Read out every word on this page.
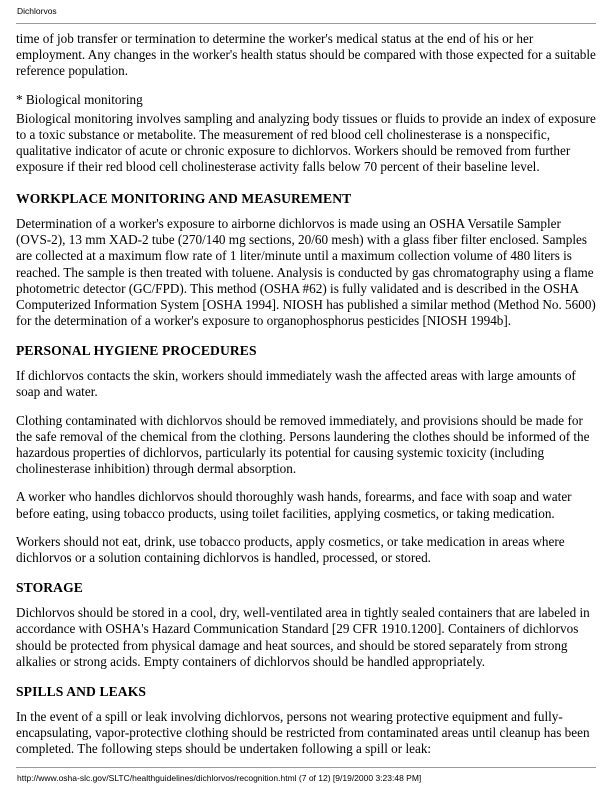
Dichlorvos

time of job transfer or termination to determine the worker's medical status at the end of his or her employment. Any changes in the worker's health status should be compared with those expected for a suitable reference population.

* Biological monitoring

Biological monitoring involves sampling and analyzing body tissues or fluids to provide an index of exposure to a toxic substance or metabolite. The measurement of red blood cell cholinesterase is a nonspecific, qualitative indicator of acute or chronic exposure to dichlorvos. Workers should be removed from further exposure if their red blood cell cholinesterase activity falls below 70 percent of their baseline level.

WORKPLACE MONITORING AND MEASUREMENT

Determination of a worker's exposure to airborne dichlorvos is made using an OSHA Versatile Sampler (OVS-2), 13 mm XAD-2 tube (270/140 mg sections, 20/60 mesh) with a glass fiber filter enclosed. Samples are collected at a maximum flow rate of 1 liter/minute until a maximum collection volume of 480 liters is reached. The sample is then treated with toluene. Analysis is conducted by gas chromatography using a flame photometric detector (GC/FPD). This method (OSHA #62) is fully validated and is described in the OSHA Computerized Information System [OSHA 1994]. NIOSH has published a similar method (Method No. 5600) for the determination of a worker's exposure to organophosphorus pesticides [NIOSH 1994b].

PERSONAL HYGIENE PROCEDURES

If dichlorvos contacts the skin, workers should immediately wash the affected areas with large amounts of soap and water.

Clothing contaminated with dichlorvos should be removed immediately, and provisions should be made for the safe removal of the chemical from the clothing. Persons laundering the clothes should be informed of the hazardous properties of dichlorvos, particularly its potential for causing systemic toxicity (including cholinesterase inhibition) through dermal absorption.

A worker who handles dichlorvos should thoroughly wash hands, forearms, and face with soap and water before eating, using tobacco products, using toilet facilities, applying cosmetics, or taking medication.

Workers should not eat, drink, use tobacco products, apply cosmetics, or take medication in areas where dichlorvos or a solution containing dichlorvos is handled, processed, or stored.

STORAGE

Dichlorvos should be stored in a cool, dry, well-ventilated area in tightly sealed containers that are labeled in accordance with OSHA's Hazard Communication Standard [29 CFR 1910.1200]. Containers of dichlorvos should be protected from physical damage and heat sources, and should be stored separately from strong alkalies or strong acids. Empty containers of dichlorvos should be handled appropriately.

SPILLS AND LEAKS

In the event of a spill or leak involving dichlorvos, persons not wearing protective equipment and fully-encapsulating, vapor-protective clothing should be restricted from contaminated areas until cleanup has been completed. The following steps should be undertaken following a spill or leak:

http://www.osha-slc.gov/SLTC/healthguidelines/dichlorvos/recognition.html (7 of 12) [9/19/2000 3:23:48 PM]
